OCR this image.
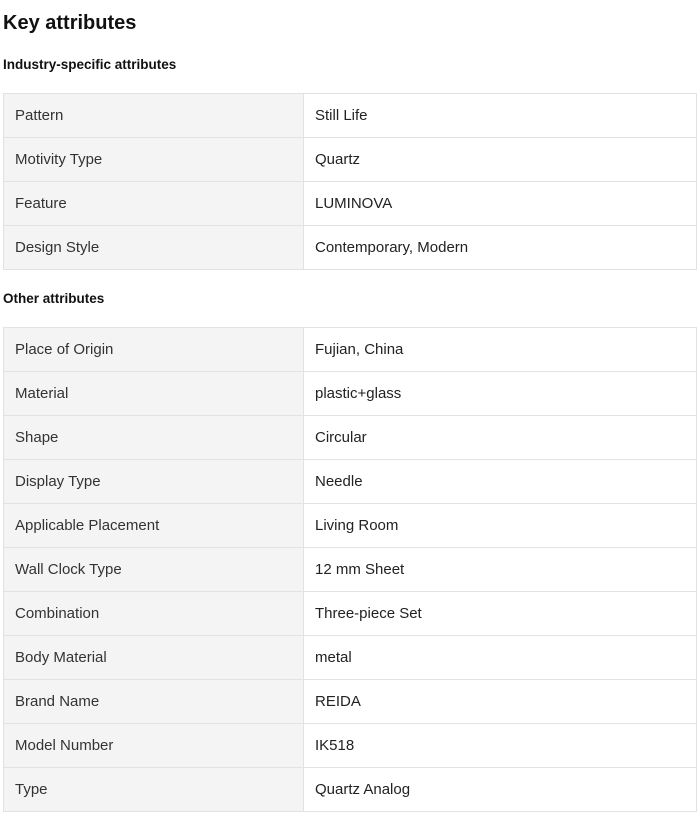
Key attributes
Industry-specific attributes
Pattern	Still Life
Motivity Type	Quartz
Feature	LUMINOVA
Design Style	Contemporary, Modern
Other attributes
Place of Origin	Fujian, China
Material	plastic+glass
Shape	Circular
Display Type	Needle
Applicable Placement	Living Room
Wall Clock Type	12 mm Sheet
Combination	Three-piece Set
Body Material	metal
Brand Name	REIDA
Model Number	IK518
Type	Quartz Analog
